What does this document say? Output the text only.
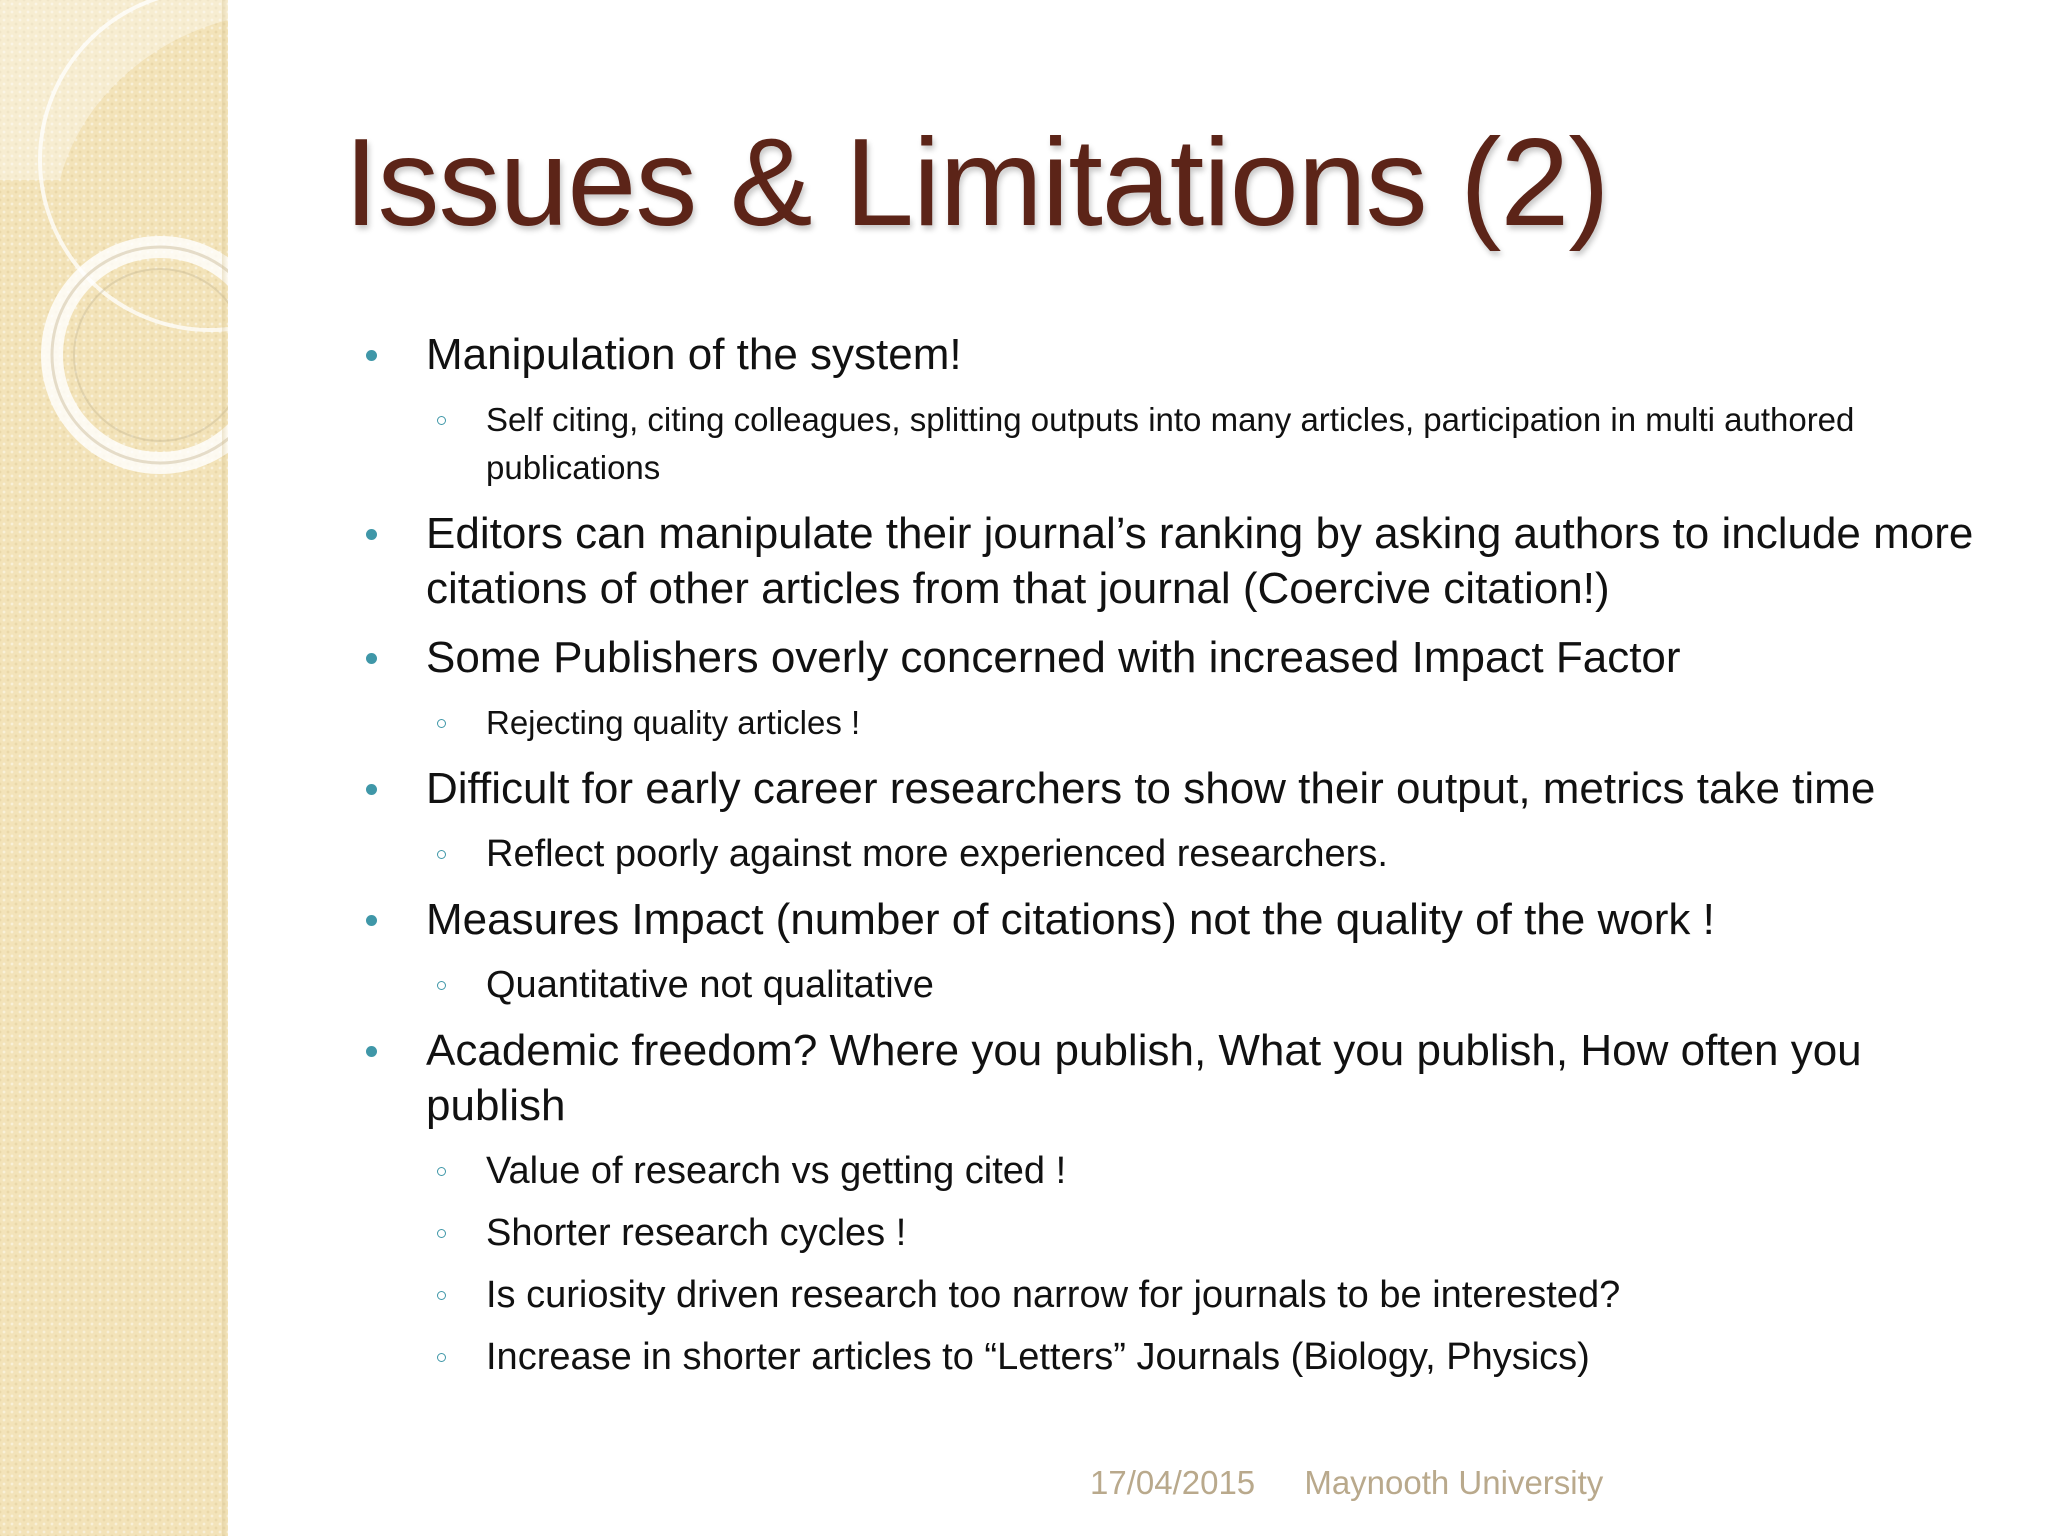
Issues & Limitations (2)
Manipulation of the system!
Self citing, citing colleagues, splitting outputs into many articles, participation in multi authored publications
Editors can manipulate their journal’s ranking by asking authors to include more citations of other articles from that journal (Coercive citation!)
Some Publishers overly concerned with increased Impact Factor
Rejecting quality articles !
Difficult for early career researchers to show their output, metrics take time
Reflect poorly against more experienced researchers.
Measures Impact (number of citations) not the quality of the work !
Quantitative not qualitative
Academic freedom? Where you publish, What you publish, How often you publish
Value of research vs getting cited !
Shorter research cycles !
Is curiosity driven research too narrow for journals to be interested?
Increase in shorter articles to “Letters” Journals (Biology, Physics)
17/04/2015 Maynooth University
